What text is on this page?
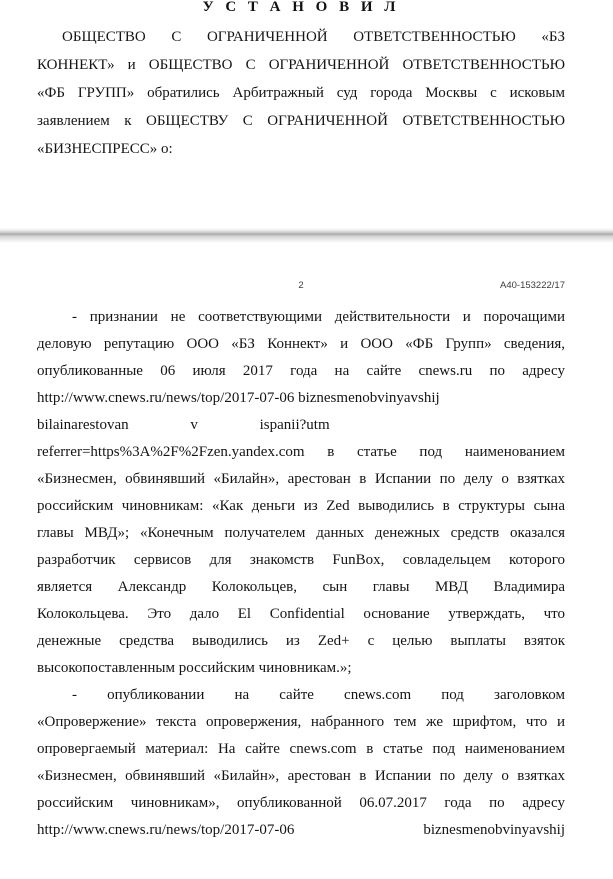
У С Т А Н О В И Л
ОБЩЕСТВО С ОГРАНИЧЕННОЙ ОТВЕТСТВЕННОСТЬЮ «БЗ
КОННЕКТ» и ОБЩЕСТВО С ОГРАНИЧЕННОЙ ОТВЕТСТВЕННОСТЬЮ
«ФБ ГРУПП» обратились Арбитражный суд города Москвы с исковым
заявлением к ОБЩЕСТВУ С ОГРАНИЧЕННОЙ ОТВЕТСТВЕННОСТЬЮ
«БИЗНЕСПРЕСС» о:
2	А40-153222/17
- признании не соответствующими действительности и порочащими
деловую репутацию ООО «БЗ Коннект» и ООО «ФБ Групп» сведения,
опубликованные 06 июля 2017 года на сайте cnews.ru по адресу
http://www.cnews.ru/news/top/2017-07-06 biznesmenobvinyavshij
bilainarestovan v ispanii?utm
referrer=https%3A%2F%2Fzen.yandex.com в статье под наименованием
«Бизнесмен, обвинявший «Билайн», арестован в Испании по делу о взятках
российским чиновникам: «Как деньги из Zed выводились в структуры сына
главы МВД»; «Конечным получателем данных денежных средств оказался
разработчик сервисов для знакомств FunBox, совладельцем которого
является Александр Колокольцев, сын главы МВД Владимира
Колокольцева. Это дало El Confidential основание утверждать, что
денежные средства выводились из Zed+ с целью выплаты взяток
высокопоставленным российским чиновникам.»;
- опубликовании на сайте cnews.com под заголовком
«Опровержение» текста опровержения, набранного тем же шрифтом, что и
опровергаемый материал: На сайте cnews.com в статье под наименованием
«Бизнесмен, обвинявший «Билайн», арестован в Испании по делу о взятках
российским чиновникам», опубликованной 06.07.2017 года по адресу
http://www.cnews.ru/news/top/2017-07-06 biznesmenobvinyavshij
